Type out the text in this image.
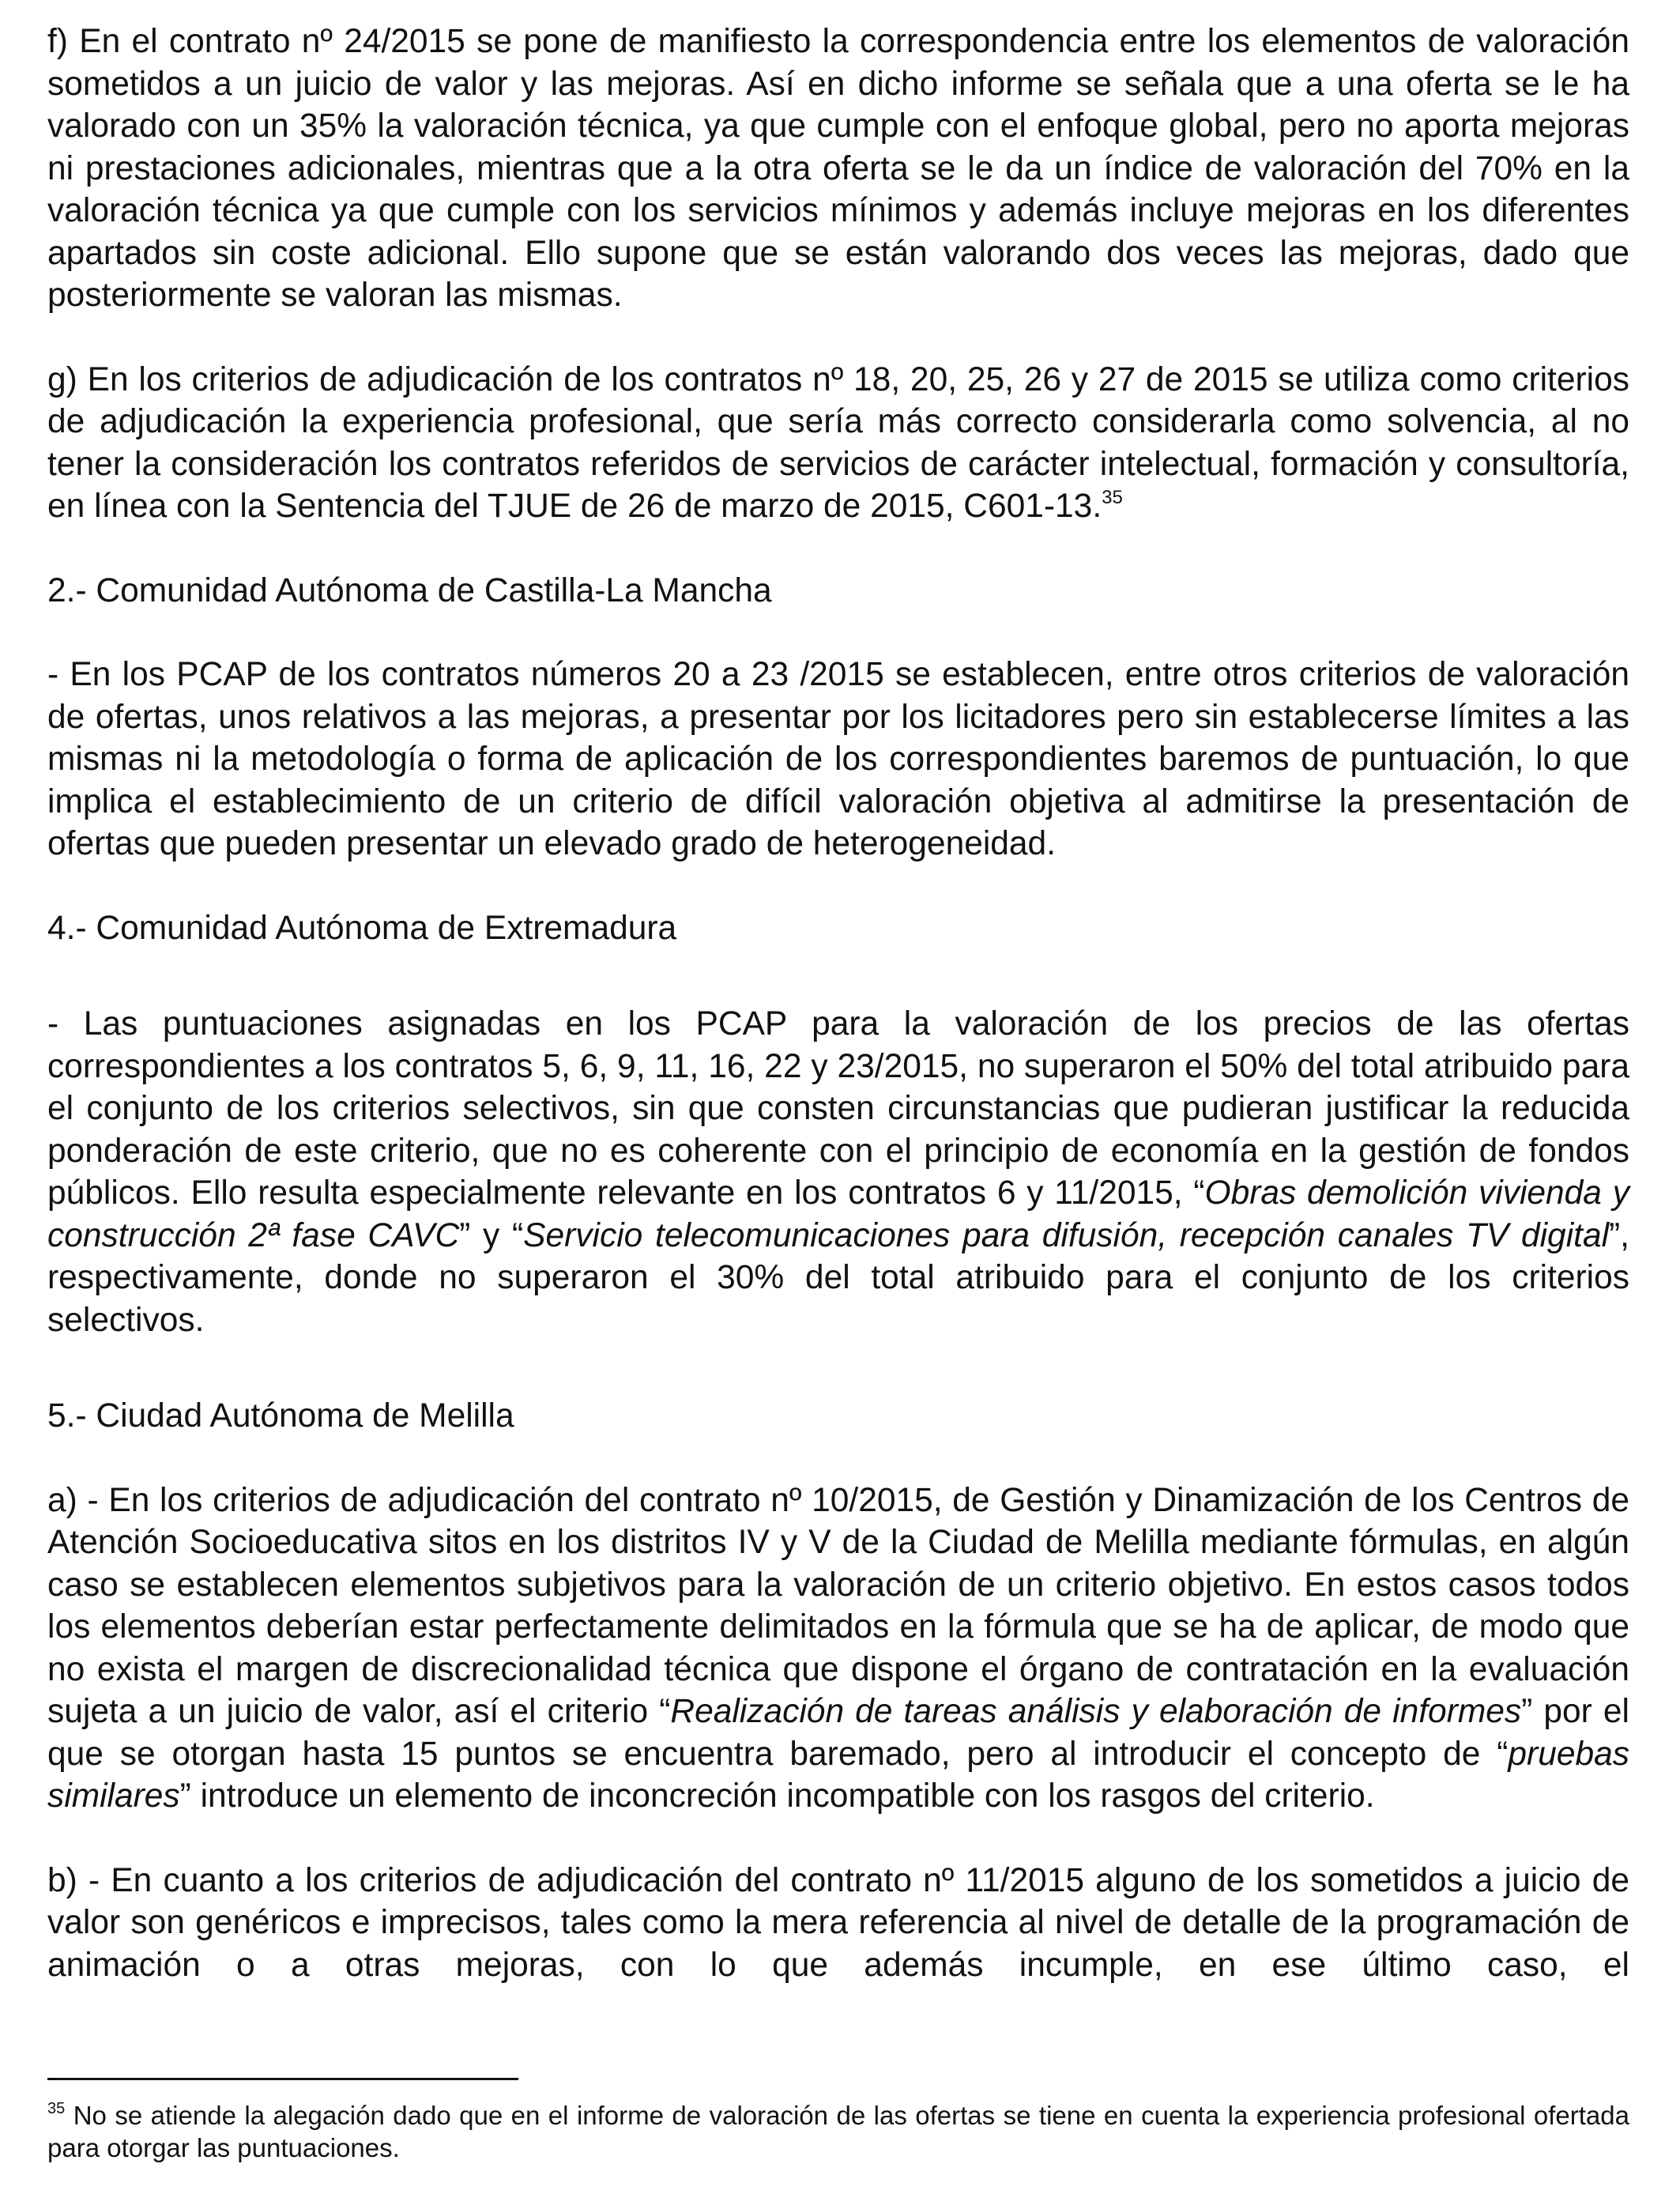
f) En el contrato nº 24/2015 se pone de manifiesto la correspondencia entre los elementos de valoración sometidos a un juicio de valor y las mejoras. Así en dicho informe se señala que a una oferta se le ha valorado con un 35% la valoración técnica, ya que cumple con el enfoque global, pero no aporta mejoras ni prestaciones adicionales, mientras que a la otra oferta se le da un índice de valoración del 70% en la valoración técnica ya que cumple con los servicios mínimos y además incluye mejoras en los diferentes apartados sin coste adicional. Ello supone que se están valorando dos veces las mejoras, dado que posteriormente se valoran las mismas.

g) En los criterios de adjudicación de los contratos nº 18, 20, 25, 26 y 27 de 2015 se utiliza como criterios de adjudicación la experiencia profesional, que sería más correcto considerarla como solvencia, al no tener la consideración los contratos referidos de servicios de carácter intelectual, formación y consultoría, en línea con la Sentencia del TJUE de 26 de marzo de 2015, C601-13.35

2.- Comunidad Autónoma de Castilla-La Mancha

- En los PCAP de los contratos números 20 a 23 /2015 se establecen, entre otros criterios de valoración de ofertas, unos relativos a las mejoras, a presentar por los licitadores pero sin establecerse límites a las mismas ni la metodología o forma de aplicación de los correspondientes baremos de puntuación, lo que implica el establecimiento de un criterio de difícil valoración objetiva al admitirse la presentación de ofertas que pueden presentar un elevado grado de heterogeneidad.

4.- Comunidad Autónoma de Extremadura

- Las puntuaciones asignadas en los PCAP para la valoración de los precios de las ofertas correspondientes a los contratos 5, 6, 9, 11, 16, 22 y 23/2015, no superaron el 50% del total atribuido para el conjunto de los criterios selectivos, sin que consten circunstancias que pudieran justificar la reducida ponderación de este criterio, que no es coherente con el principio de economía en la gestión de fondos públicos. Ello resulta especialmente relevante en los contratos 6 y 11/2015, “Obras demolición vivienda y construcción 2ª fase CAVC” y “Servicio telecomunicaciones para difusión, recepción canales TV digital”, respectivamente, donde no superaron el 30% del total atribuido para el conjunto de los criterios selectivos.

5.- Ciudad Autónoma de Melilla

a) - En los criterios de adjudicación del contrato nº 10/2015, de Gestión y Dinamización de los Centros de Atención Socioeducativa sitos en los distritos IV y V de la Ciudad de Melilla mediante fórmulas, en algún caso se establecen elementos subjetivos para la valoración de un criterio objetivo. En estos casos todos los elementos deberían estar perfectamente delimitados en la fórmula que se ha de aplicar, de modo que no exista el margen de discrecionalidad técnica que dispone el órgano de contratación en la evaluación sujeta a un juicio de valor, así el criterio “Realización de tareas análisis y elaboración de informes” por el que se otorgan hasta 15 puntos se encuentra baremado, pero al introducir el concepto de “pruebas similares” introduce un elemento de inconcreción incompatible con los rasgos del criterio.

b) - En cuanto a los criterios de adjudicación del contrato nº 11/2015 alguno de los sometidos a juicio de valor son genéricos e imprecisos, tales como la mera referencia al nivel de detalle de la programación de animación o a otras mejoras, con lo que además incumple, en ese último caso, el

$^{35}$ No se atiende la alegación dado que en el informe de valoración de las ofertas se tiene en cuenta la experiencia profesional ofertada para otorgar las puntuaciones.
